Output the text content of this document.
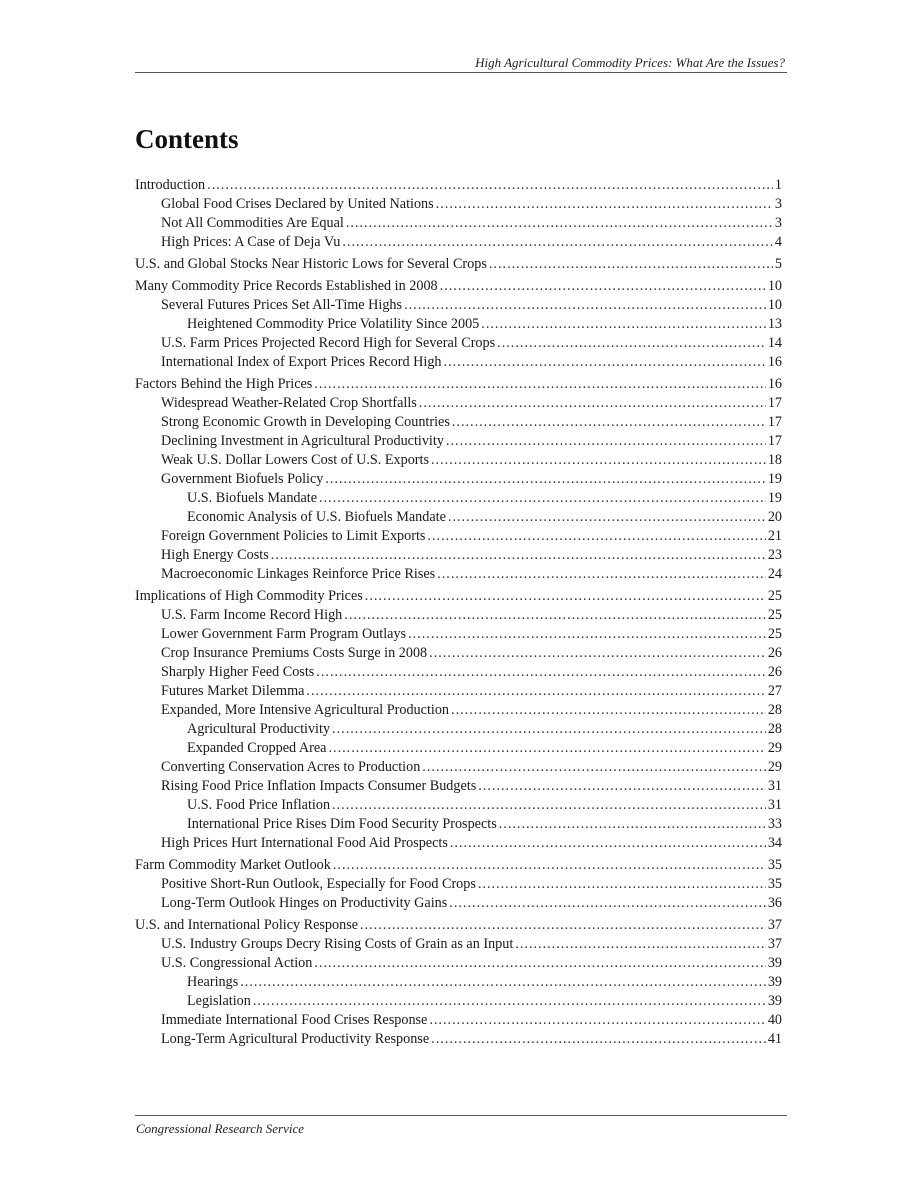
High Agricultural Commodity Prices: What Are the Issues?
Contents
Introduction .....	1
Global Food Crises Declared by United Nations .....	3
Not All Commodities Are Equal .....	3
High Prices: A Case of Deja Vu .....	4
U.S. and Global Stocks Near Historic Lows for Several Crops .....	5
Many Commodity Price Records Established in 2008 .....	10
Several Futures Prices Set All-Time Highs .....	10
Heightened Commodity Price Volatility Since 2005 .....	13
U.S. Farm Prices Projected Record High for Several Crops .....	14
International Index of Export Prices Record High .....	16
Factors Behind the High Prices .....	16
Widespread Weather-Related Crop Shortfalls .....	17
Strong Economic Growth in Developing Countries .....	17
Declining Investment in Agricultural Productivity .....	17
Weak U.S. Dollar Lowers Cost of U.S. Exports .....	18
Government Biofuels Policy .....	19
U.S. Biofuels Mandate .....	19
Economic Analysis of U.S. Biofuels Mandate .....	20
Foreign Government Policies to Limit Exports .....	21
High Energy Costs .....	23
Macroeconomic Linkages Reinforce Price Rises .....	24
Implications of High Commodity Prices .....	25
U.S. Farm Income Record High .....	25
Lower Government Farm Program Outlays .....	25
Crop Insurance Premiums Costs Surge in 2008 .....	26
Sharply Higher Feed Costs .....	26
Futures Market Dilemma .....	27
Expanded, More Intensive Agricultural Production .....	28
Agricultural Productivity .....	28
Expanded Cropped Area .....	29
Converting Conservation Acres to Production .....	29
Rising Food Price Inflation Impacts Consumer Budgets .....	31
U.S. Food Price Inflation .....	31
International Price Rises Dim Food Security Prospects .....	33
High Prices Hurt International Food Aid Prospects .....	34
Farm Commodity Market Outlook .....	35
Positive Short-Run Outlook, Especially for Food Crops .....	35
Long-Term Outlook Hinges on Productivity Gains .....	36
U.S. and International Policy Response .....	37
U.S. Industry Groups Decry Rising Costs of Grain as an Input .....	37
U.S. Congressional Action .....	39
Hearings .....	39
Legislation .....	39
Immediate International Food Crises Response .....	40
Long-Term Agricultural Productivity Response .....	41
Congressional Research Service
